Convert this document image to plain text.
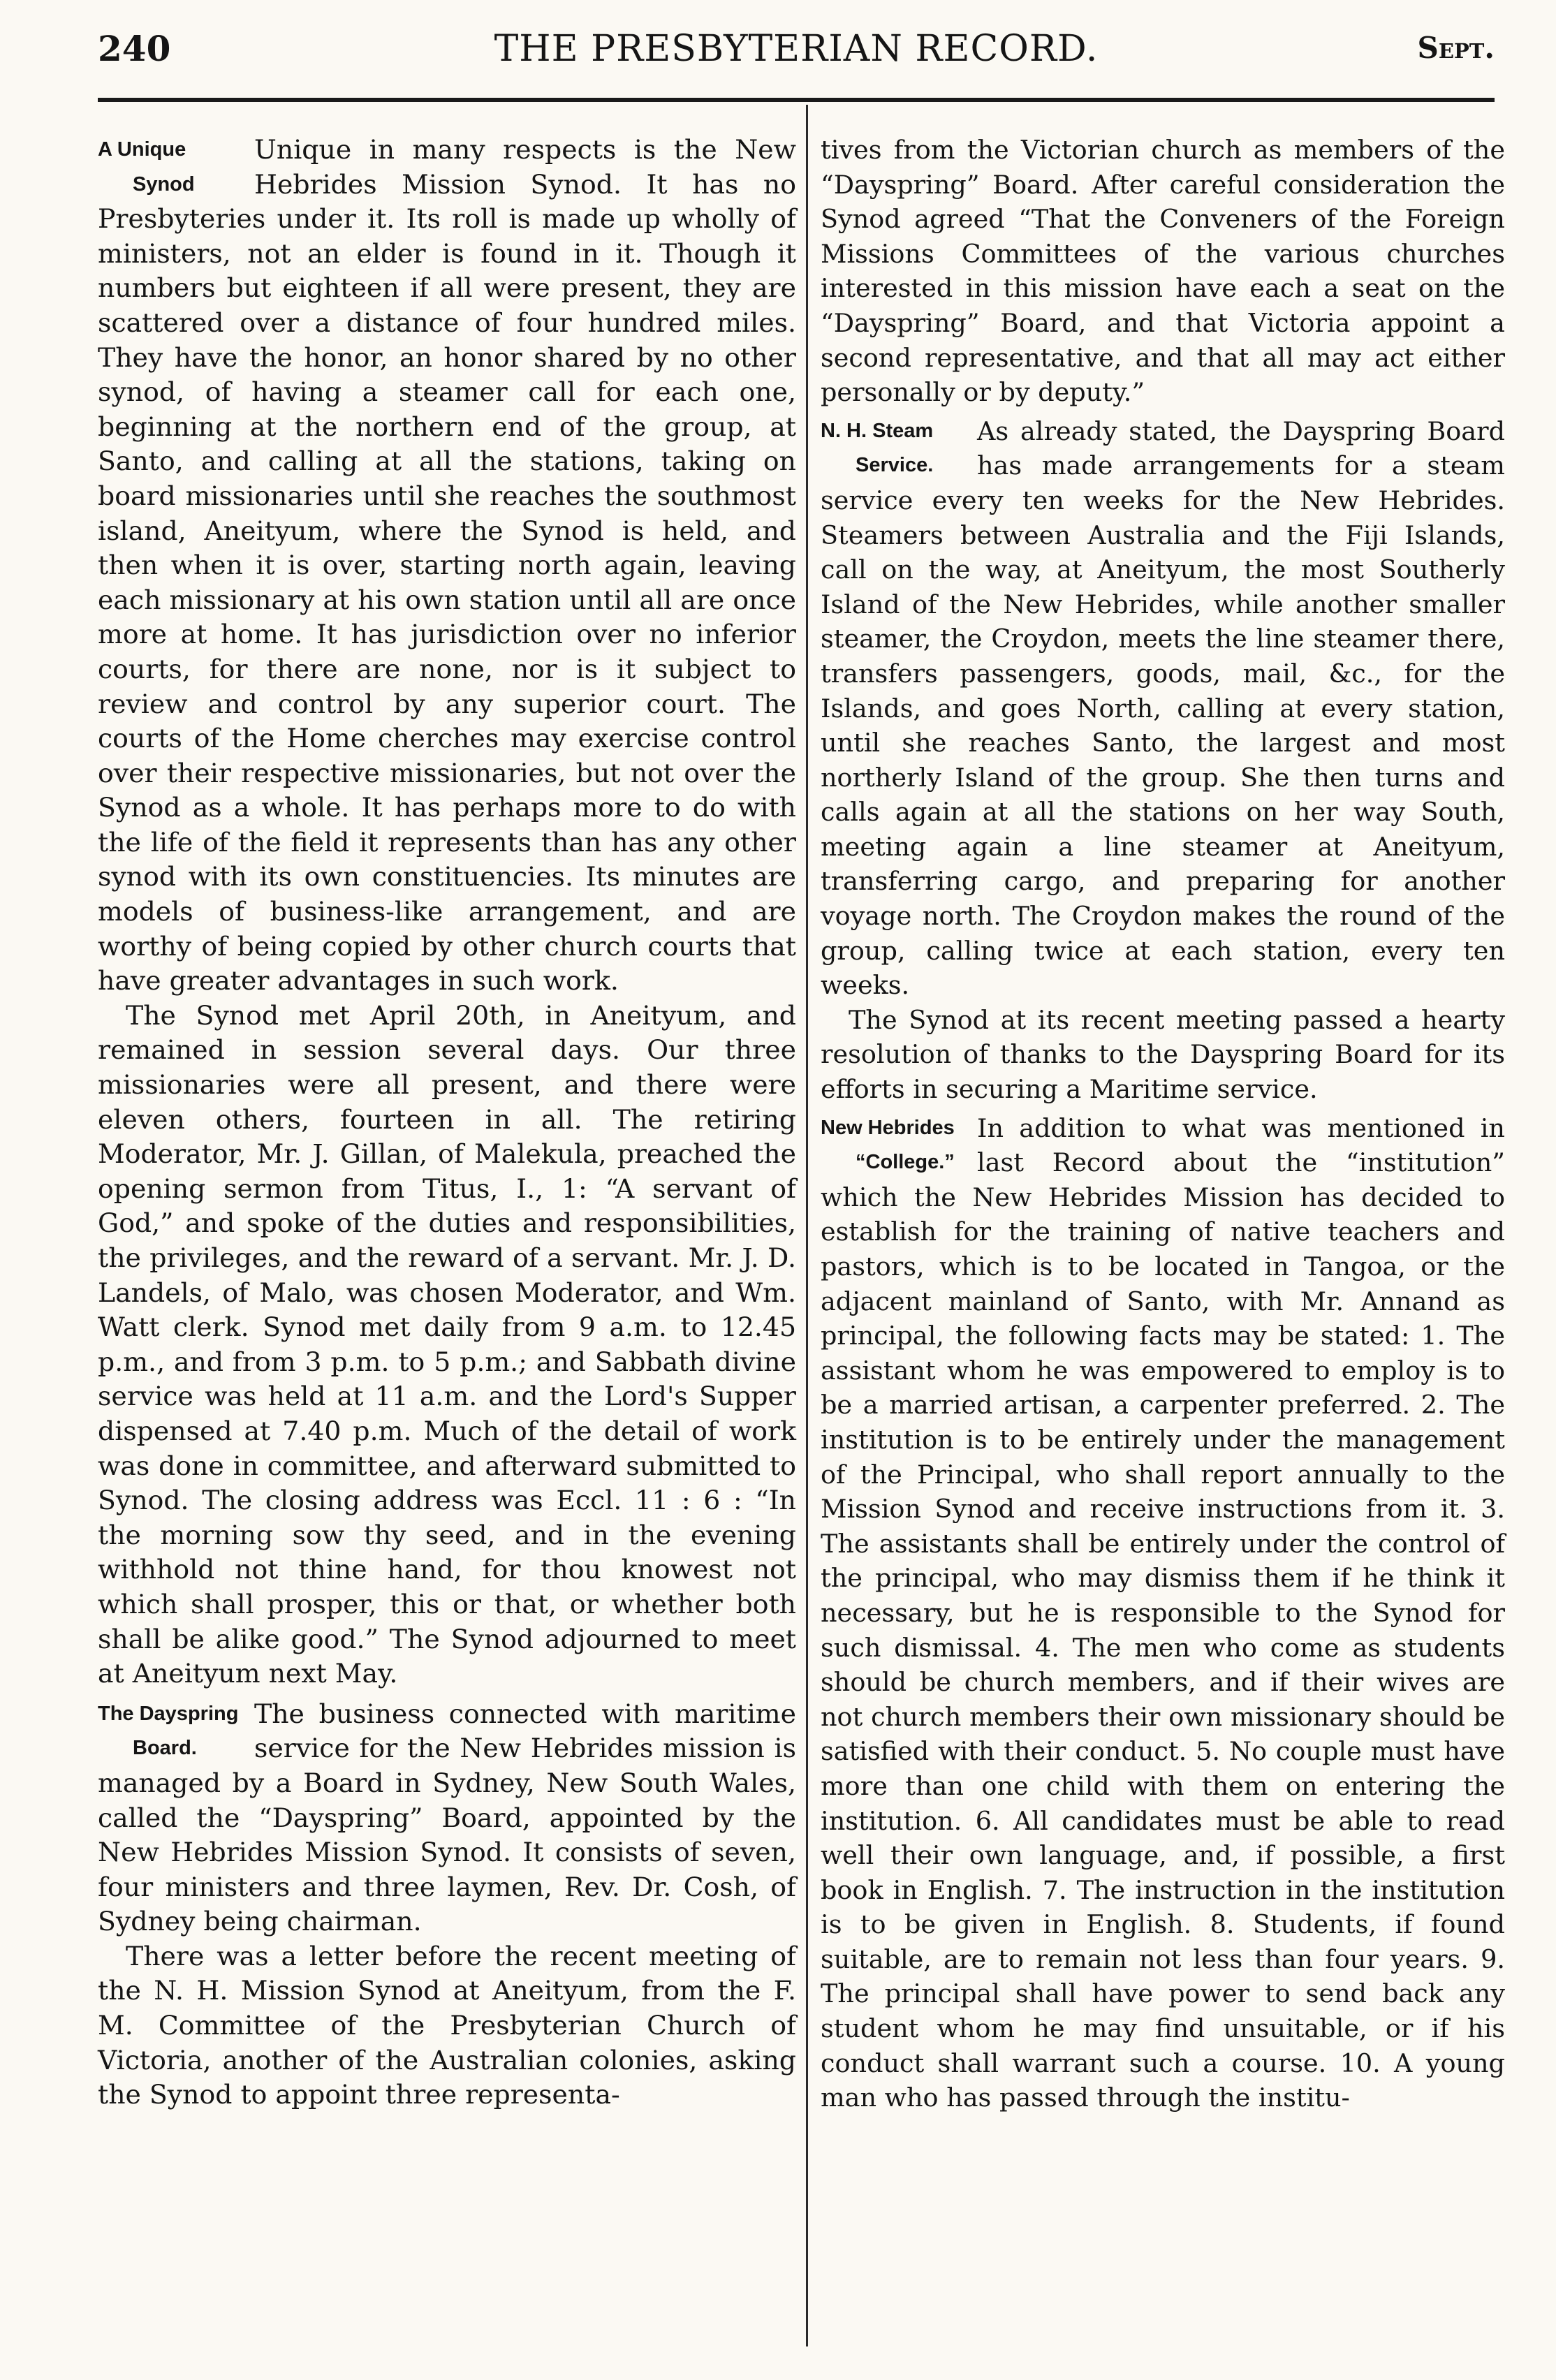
240	THE PRESBYTERIAN RECORD.	Sept.

A Unique
Synod
Unique in many respects is the New Hebrides Mission Synod. It has no Presbyteries under it. Its roll is made up wholly of ministers, not an elder is found in it. Though it numbers but eighteen if all were present, they are scattered over a distance of four hundred miles. They have the honor, an honor shared by no other synod, of having a steamer call for each one, beginning at the northern end of the group, at Santo, and calling at all the stations, taking on board missionaries until she reaches the southmost island, Aneityum, where the Synod is held, and then when it is over, starting north again, leaving each missionary at his own station until all are once more at home. It has jurisdiction over no inferior courts, for there are none, nor is it subject to review and control by any superior court. The courts of the Home cherches may exercise control over their respective missionaries, but not over the Synod as a whole. It has perhaps more to do with the life of the field it represents than has any other synod with its own constituencies. Its minutes are models of business-like arrangement, and are worthy of being copied by other church courts that have greater advantages in such work.

The Synod met April 20th, in Aneityum, and remained in session several days. Our three missionaries were all present, and there were eleven others, fourteen in all. The retiring Moderator, Mr. J. Gillan, of Malekula, preached the opening sermon from Titus, I., 1: “A servant of God,” and spoke of the duties and responsibilities, the privileges, and the reward of a servant. Mr. J. D. Landels, of Malo, was chosen Moderator, and Wm. Watt clerk. Synod met daily from 9 a.m. to 12.45 p.m., and from 3 p.m. to 5 p.m.; and Sabbath divine service was held at 11 a.m. and the Lord's Supper dispensed at 7.40 p.m. Much of the detail of work was done in committee, and afterward submitted to Synod. The closing address was Eccl. 11 : 6 : “In the morning sow thy seed, and in the evening withhold not thine hand, for thou knowest not which shall prosper, this or that, or whether both shall be alike good.” The Synod adjourned to meet at Aneityum next May.

The Dayspring
Board.
The business connected with maritime service for the New Hebrides mission is managed by a Board in Sydney, New South Wales, called the “Dayspring” Board, appointed by the New Hebrides Mission Synod. It consists of seven, four ministers and three laymen, Rev. Dr. Cosh, of Sydney being chairman.

There was a letter before the recent meeting of the N. H. Mission Synod at Aneityum, from the F. M. Committee of the Presbyterian Church of Victoria, another of the Australian colonies, asking the Synod to appoint three representa-

tives from the Victorian church as members of the “Dayspring” Board. After careful consideration the Synod agreed “That the Conveners of the Foreign Missions Committees of the various churches interested in this mission have each a seat on the “Dayspring” Board, and that Victoria appoint a second representative, and that all may act either personally or by deputy.”

N. H. Steam
Service.
As already stated, the Dayspring Board has made arrangements for a steam service every ten weeks for the New Hebrides. Steamers between Australia and the Fiji Islands, call on the way, at Aneityum, the most Southerly Island of the New Hebrides, while another smaller steamer, the Croydon, meets the line steamer there, transfers passengers, goods, mail, &c., for the Islands, and goes North, calling at every station, until she reaches Santo, the largest and most northerly Island of the group. She then turns and calls again at all the stations on her way South, meeting again a line steamer at Aneityum, transferring cargo, and preparing for another voyage north. The Croydon makes the round of the group, calling twice at each station, every ten weeks.

The Synod at its recent meeting passed a hearty resolution of thanks to the Dayspring Board for its efforts in securing a Maritime service.

New Hebrides
“College.”
In addition to what was mentioned in last Record about the “institution” which the New Hebrides Mission has decided to establish for the training of native teachers and pastors, which is to be located in Tangoa, or the adjacent mainland of Santo, with Mr. Annand as principal, the following facts may be stated: 1. The assistant whom he was empowered to employ is to be a married artisan, a carpenter preferred. 2. The institution is to be entirely under the management of the Principal, who shall report annually to the Mission Synod and receive instructions from it. 3. The assistants shall be entirely under the control of the principal, who may dismiss them if he think it necessary, but he is responsible to the Synod for such dismissal. 4. The men who come as students should be church members, and if their wives are not church members their own missionary should be satisfied with their conduct. 5. No couple must have more than one child with them on entering the institution. 6. All candidates must be able to read well their own language, and, if possible, a first book in English. 7. The instruction in the institution is to be given in English. 8. Students, if found suitable, are to remain not less than four years. 9. The principal shall have power to send back any student whom he may find unsuitable, or if his conduct shall warrant such a course. 10. A young man who has passed through the institu-
